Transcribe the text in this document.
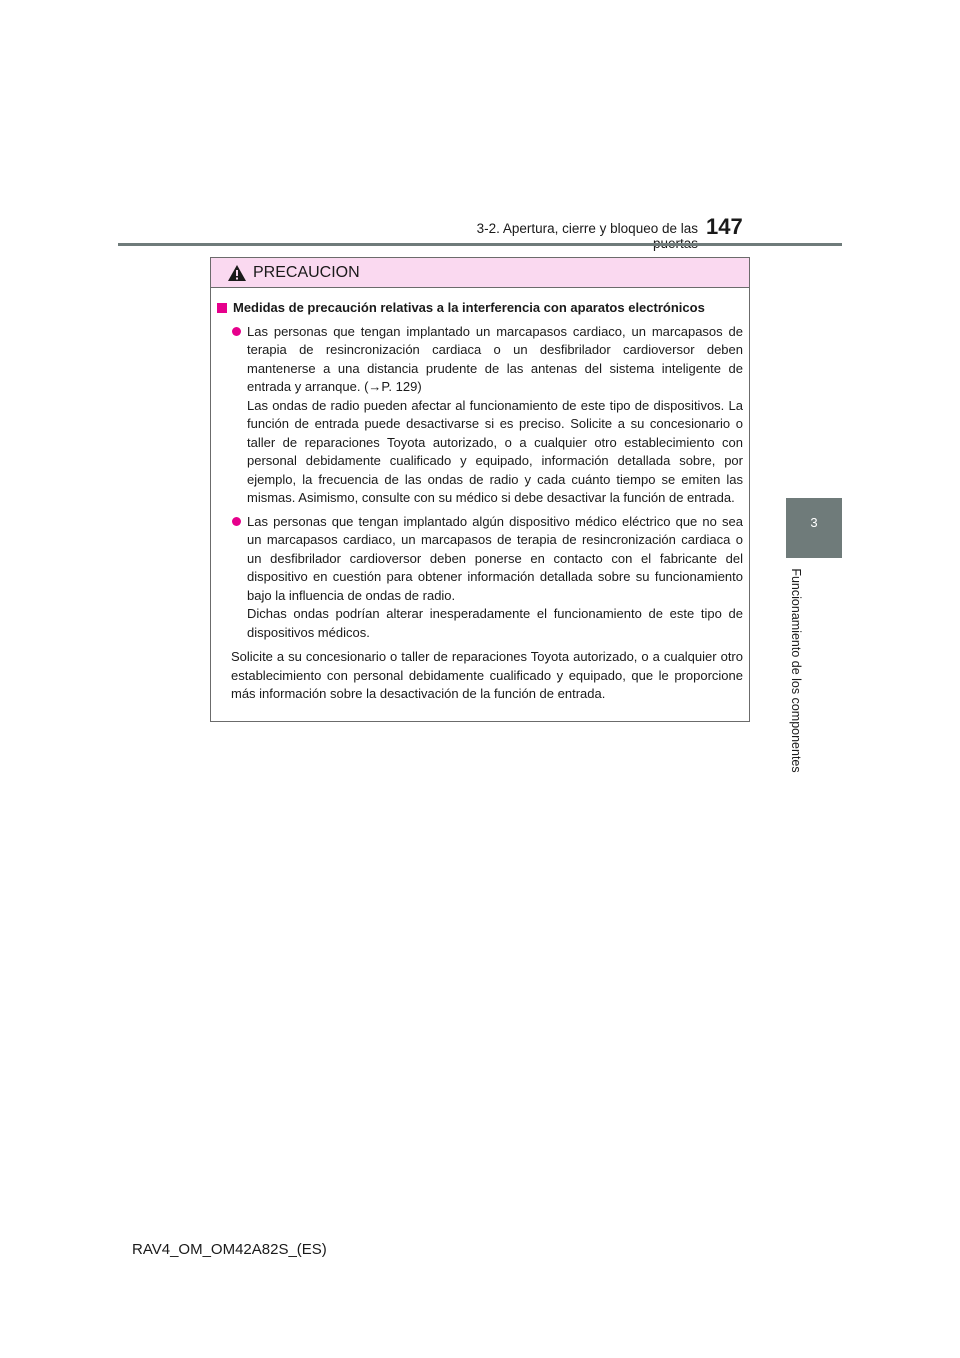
3-2. Apertura, cierre y bloqueo de las 147
3
Funcionamiento de los componentes
PRECAUCION
Medidas de precaución relativas a la interferencia con aparatos electrónicos

Las personas que tengan implantado un marcapasos cardiaco, un marcapasos de terapia de resincronización cardiaca o un desfibrilador cardioversor deben mantenerse a una distancia prudente de las antenas del sistema inteligente de entrada y arranque. (→P. 129)

Las ondas de radio pueden afectar al funcionamiento de este tipo de dispositivos. La función de entrada puede desactivarse si es preciso. Solicite a su concesionario o taller de reparaciones Toyota autorizado, o a cualquier otro establecimiento con personal debidamente cualificado y equipado, información detallada sobre, por ejemplo, la frecuencia de las ondas de radio y cada cuánto tiempo se emiten las mismas. Asimismo, consulte con su médico si debe desactivar la función de entrada.

Las personas que tengan implantado algún dispositivo médico eléctrico que no sea un marcapasos cardiaco, un marcapasos de terapia de resincronización cardiaca o un desfibrilador cardioversor deben ponerse en contacto con el fabricante del dispositivo en cuestión para obtener información detallada sobre su funcionamiento bajo la influencia de ondas de radio.

Dichas ondas podrían alterar inesperadamente el funcionamiento de este tipo de dispositivos médicos.

Solicite a su concesionario o taller de reparaciones Toyota autorizado, o a cualquier otro establecimiento con personal debidamente cualificado y equipado, que le proporcione más información sobre la desactivación de la función de entrada.
RAV4_OM_OM42A82S_(ES)
